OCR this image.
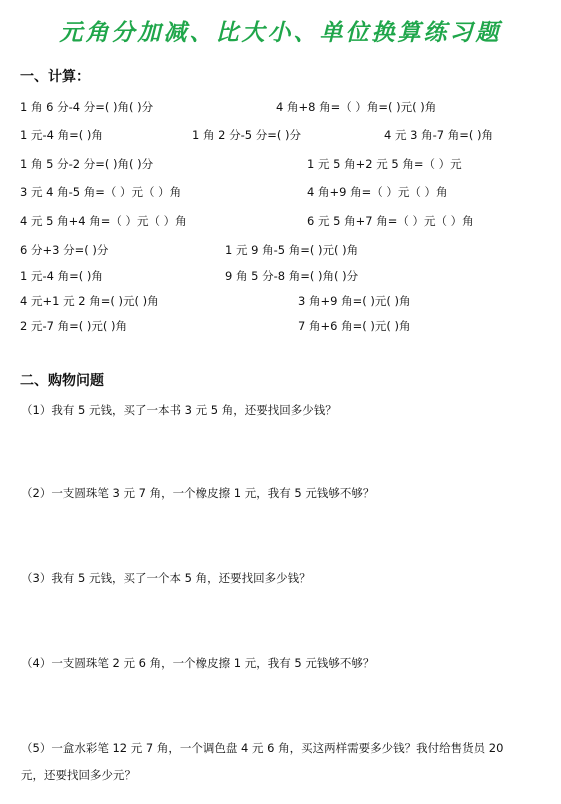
元角分加减、比大小、单位换算练习题
一、计算：
1 角 6 分-4 分=( )角( )分	4 角+8 角=（ ）角=( )元( )角
1 元-4 角=( )角	1 角 2 分-5 分=( )分	4 元 3 角-7 角=( )角
1 角 5 分-2 分=( )角( )分	1 元 5 角+2 元 5 角=（ ）元
3 元 4 角-5 角=（ ）元（ ）角	4 角+9 角=（ ）元（ ）角
4 元 5 角+4 角=（ ）元（ ）角	6 元 5 角+7 角=（ ）元（ ）角
6 分+3 分=( )分	1 元 9 角-5 角=( )元( )角
1 元-4 角=( )角	9 角 5 分-8 角=( )角( )分
4 元+1 元 2 角=( )元( )角	3 角+9 角=( )元( )角
2 元-7 角=( )元( )角	7 角+6 角=( )元( )角
二、购物问题
（1）我有 5 元钱，买了一本书 3 元 5 角，还要找回多少钱？
（2）一支圆珠笔 3 元 7 角，一个橡皮擦 1 元，我有 5 元钱够不够？
（3）我有 5 元钱，买了一个本 5 角，还要找回多少钱？
（4）一支圆珠笔 2 元 6 角，一个橡皮擦 1 元，我有 5 元钱够不够？
（5）一盒水彩笔 12 元 7 角，一个调色盘 4 元 6 角，买这两样需要多少钱？我付给售货员 20
元，还要找回多少元？
